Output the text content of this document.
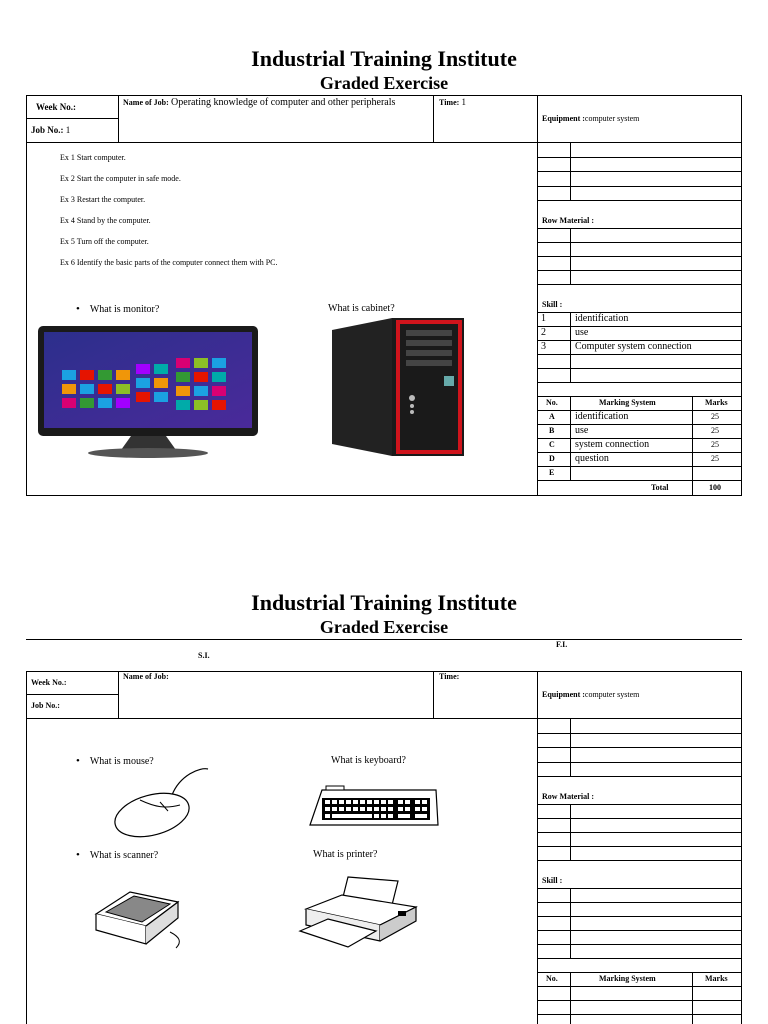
Industrial Training Institute
Graded Exercise
Week No.:
Job No.: 1
Name of Job: Operating knowledge of computer and other peripherals	Time: 1
Equipment :computer system
Ex 1 Start computer.
Ex 2 Start the computer in safe mode.
Ex 3 Restart the computer.
Ex 4 Stand by the computer.
Ex 5 Turn off the computer.
Ex 6 Identify the basic parts of the computer connect them with PC.
• What is monitor?	What is cabinet?
Row Material :
Skill :
1	identification
2	use
3	Computer system connection
No.	Marking System	Marks
A identification	25
B use	25
C system connection	25
D question	25
E
Total	100
Industrial Training Institute
Graded Exercise
F.I.
S.I.
Week No.:
Job No.:
Name of Job:	Time:
Equipment :computer system
• What is mouse?	What is keyboard?
• What is scanner?	What is printer?
Row Material :
Skill :
No.	Marking System	Marks
